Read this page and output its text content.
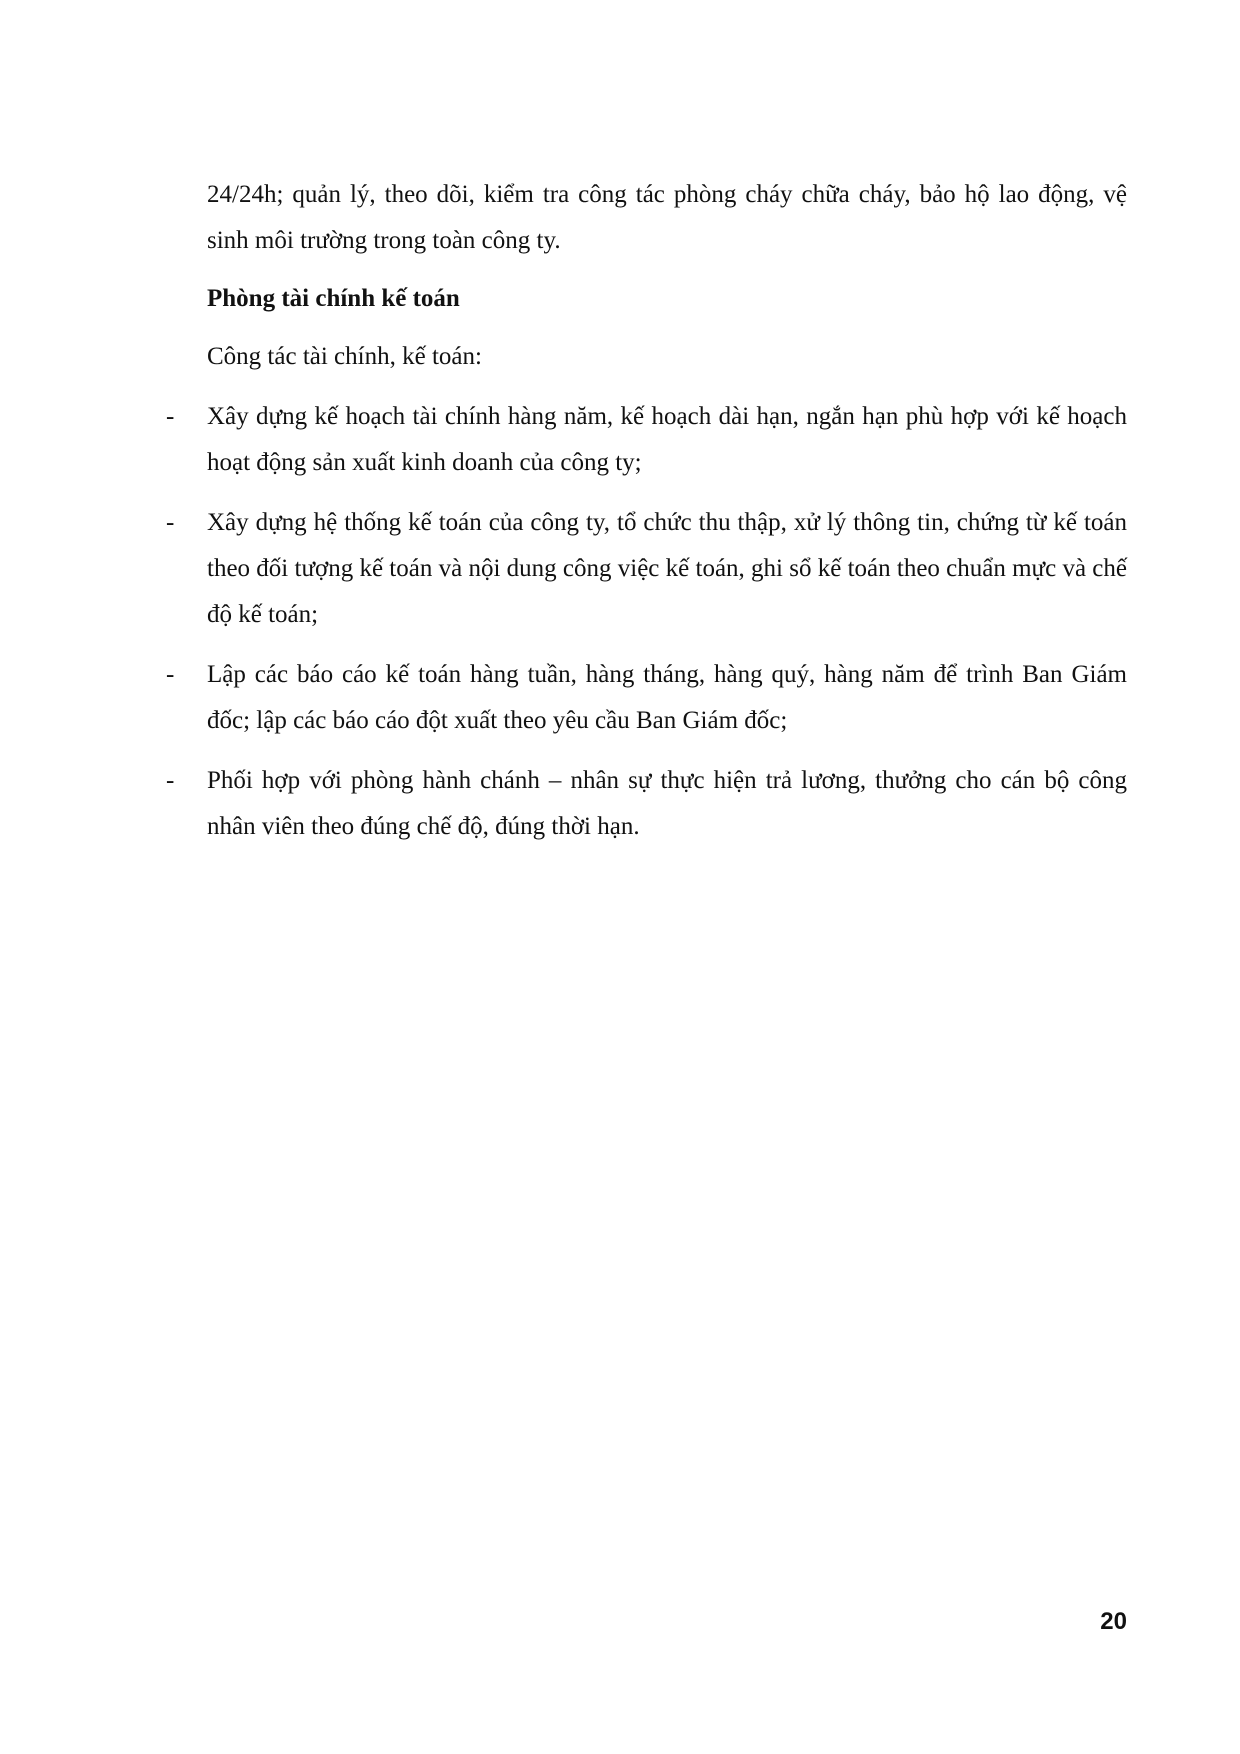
24/24h; quản lý, theo dõi, kiểm tra công tác phòng cháy chữa cháy, bảo hộ lao động, vệ sinh môi trường trong toàn công ty.

Phòng tài chính kế toán

Công tác tài chính, kế toán:

- Xây dựng kế hoạch tài chính hàng năm, kế hoạch dài hạn, ngắn hạn phù hợp với kế hoạch hoạt động sản xuất kinh doanh của công ty;
- Xây dựng hệ thống kế toán của công ty, tổ chức thu thập, xử lý thông tin, chứng từ kế toán theo đối tượng kế toán và nội dung công việc kế toán, ghi sổ kế toán theo chuẩn mực và chế độ kế toán;
- Lập các báo cáo kế toán hàng tuần, hàng tháng, hàng quý, hàng năm để trình Ban Giám đốc; lập các báo cáo đột xuất theo yêu cầu Ban Giám đốc;
- Phối hợp với phòng hành chánh – nhân sự thực hiện trả lương, thưởng cho cán bộ công nhân viên theo đúng chế độ, đúng thời hạn.
20
